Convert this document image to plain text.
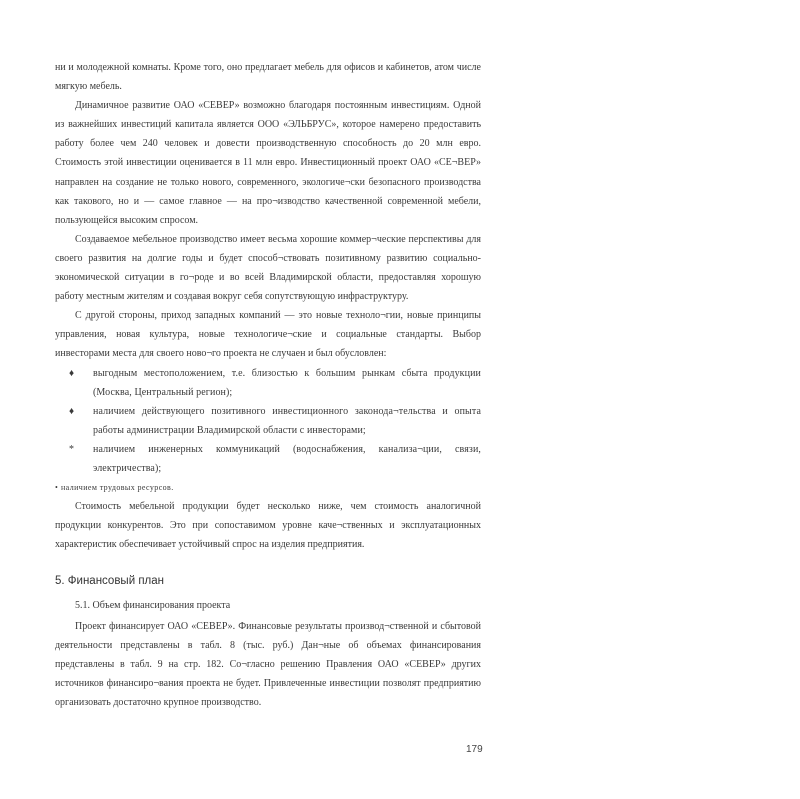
ни и молодежной комнаты. Кроме того, оно предлагает мебель для офисов и кабинетов, атом числе мягкую мебель.

Динамичное развитие ОАО «СЕВЕР» возможно благодаря постоянным инвестициям. Одной из важнейших инвестиций капитала является ООО «ЭЛЬБРУС», которое намерено предоставить работу более чем 240 человек и довести производственную способность до 20 млн евро. Стоимость этой инвестиции оценивается в 11 млн евро. Инвестиционный проект ОАО «СЕ¬ВЕР» направлен на создание не только нового, современного, экологиче¬ски безопасного производства как такового, но и — самое главное — на про¬изводство качественной современной мебели, пользующейся высоким спросом.

Создаваемое мебельное производство имеет весьма хорошие коммер¬ческие перспективы для своего развития на долгие годы и будет способ¬ствовать позитивному развитию социально-экономической ситуации в го¬роде и во всей Владимирской области, предоставляя хорошую работу местным жителям и создавая вокруг себя сопутствующую инфраструктуру.

С другой стороны, приход западных компаний — это новые техноло¬гии, новые принципы управления, новая культура, новые технологиче¬ские и социальные стандарты. Выбор инвесторами места для своего ново¬го проекта не случаен и был обусловлен:

♦ выгодным местоположением, т.е. близостью к большим рынкам сбыта продукции (Москва, Центральный регион);
♦ наличием действующего позитивного инвестиционного законода¬тельства и опыта работы администрации Владимирской области с инвесторами;
* наличием инженерных коммуникаций (водоснабжения, канализа¬ции, связи, электричества);
• наличием трудовых ресурсов.

Стоимость мебельной продукции будет несколько ниже, чем стоимость аналогичной продукции конкурентов. Это при сопоставимом уровне каче¬ственных и эксплуатационных характеристик обеспечивает устойчивый спрос на изделия предприятия.

5. Финансовый план
5.1. Объем финансирования проекта

Проект финансирует ОАО «СЕВЕР». Финансовые результаты производ¬ственной и сбытовой деятельности представлены в табл. 8 (тыс. руб.) Дан¬ные об объемах финансирования представлены в табл. 9 на стр. 182. Со¬гласно решению Правления ОАО «СЕВЕР» других источников финансиро¬вания проекта не будет. Привлеченные инвестиции позволят предприятию организовать достаточно крупное производство.

179
